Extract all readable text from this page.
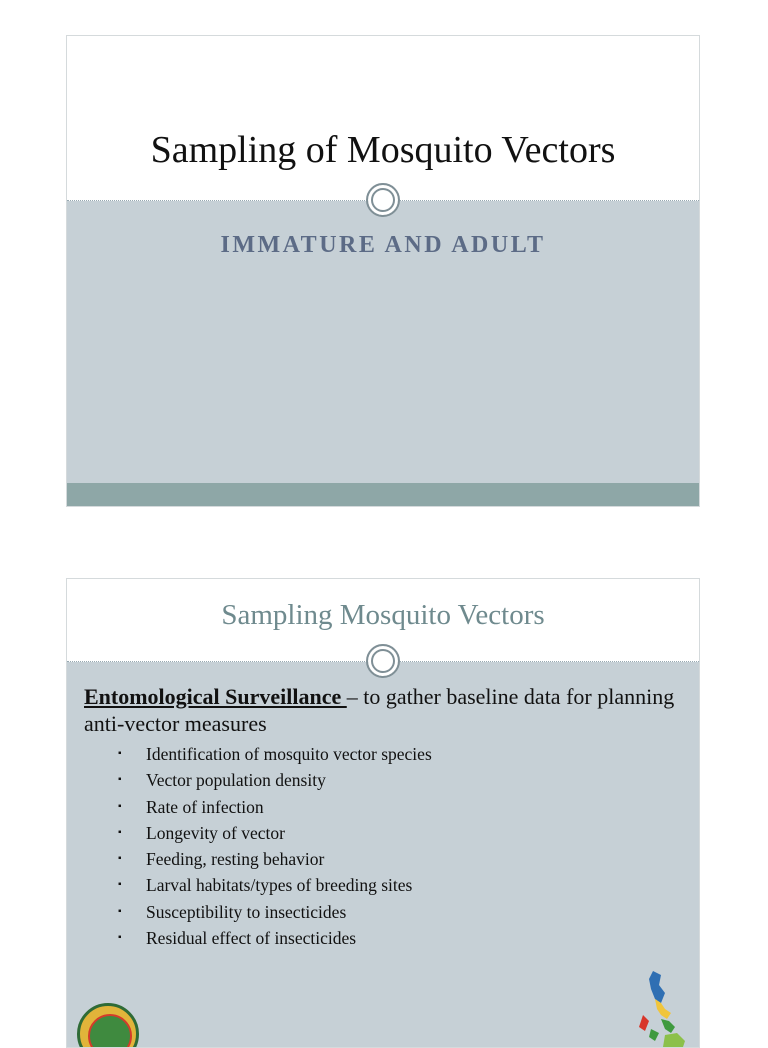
Sampling of Mosquito Vectors
IMMATURE AND ADULT
Sampling Mosquito Vectors
Entomological Surveillance – to gather baseline data for planning anti-vector measures
▪ Identification of mosquito vector species
▪ Vector population density
▪ Rate of infection
▪ Longevity of vector
▪ Feeding, resting behavior
▪ Larval habitats/types of breeding sites
▪ Susceptibility to insecticides
▪ Residual effect of insecticides
